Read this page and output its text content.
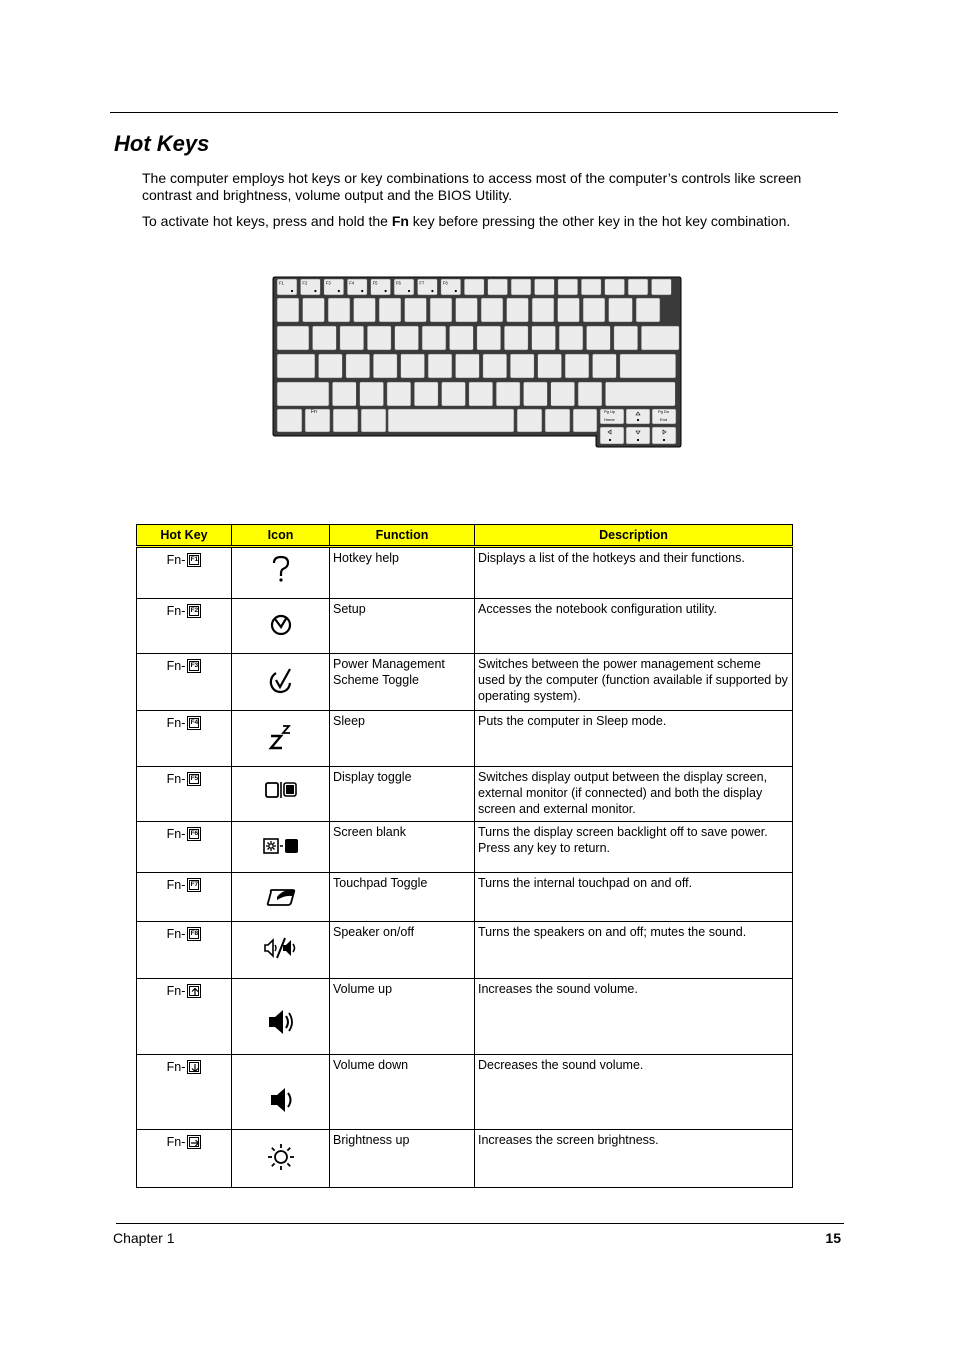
Hot Keys

The computer employs hot keys or key combinations to access most of the computer’s controls like screen contrast and brightness, volume output and the BIOS Utility.

To activate hot keys, press and hold the Fn key before pressing the other key in the hot key combination.

Fn	Pg Up
Home
Pg Dn
End
F1	F2	F3	F4	F5	F6	F7	F8
Hot Key	Icon	Function	Description
Fn- F1		Hotkey help	Displays a list of the hotkeys and their functions.
Fn- F2		Setup	Accesses the notebook configuration utility.
Fn- F3		Power Management Scheme Toggle	Switches between the power management scheme used by the computer (function available if supported by operating system).
Fn- F4		Sleep	Puts the computer in Sleep mode.
Fn- F5		Display toggle	Switches display output between the display screen, external monitor (if connected) and both the display screen and external monitor.
Fn- F6		Screen blank	Turns the display screen backlight off to save power. Press any key to return.
Fn- F7		Touchpad Toggle	Turns the internal touchpad on and off.
Fn- F8		Speaker on/off	Turns the speakers on and off; mutes the sound.
Fn-		Volume up	Increases the sound volume.
Fn-		Volume down	Decreases the sound volume.
Fn-		Brightness up	Increases the screen brightness.
Chapter 1	15
